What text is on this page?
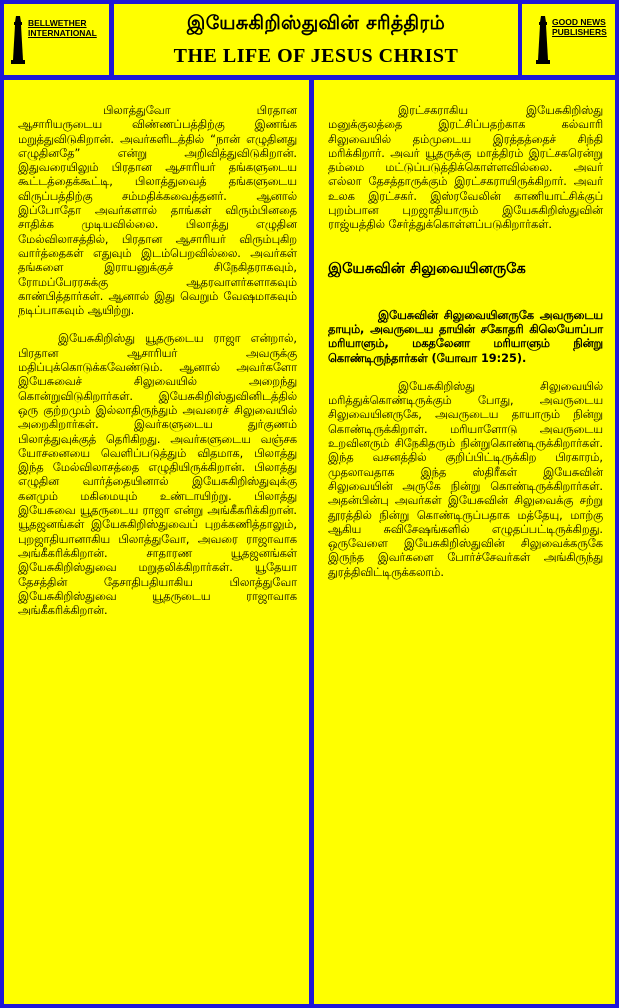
BELLWETHER INTERNATIONAL	இயேசுகிறிஸ்துவின் சரித்திரம்
THE LIFE OF JESUS CHRIST
GOOD NEWS PUBLISHERS

பிலாத்துவோ பிரதான ஆசாரியருடைய விண்ணப்பத்திற்கு இணங்க மறுத்துவிடுகிறான். அவர்களிடத்தில் “நான் எழுதினது எழுதினதே” என்று அறிவித்துவிடுகிறான். இதுவரையிலும் பிரதான ஆசாரியர் தங்களுடைய கூட்டத்தைக்கூட்டி, பிலாத்துவைத் தங்களுடைய விருப்பத்திற்கு சம்மதிக்கவைத்தனர். ஆனால் இப்போதோ அவர்களால் தாங்கள் விரும்பினதை சாதிக்க முடியவில்லை. பிலாத்து எழுதின மேல்விலாசத்தில், பிரதான ஆசாரியர் விரும்புகிற வார்த்தைகள் எதுவும் இடம்பெறவில்லை. அவர்கள் தங்களை இராயனுக்குச் சிநேகிதராகவும், ரோமப்பேரரசுக்கு ஆதரவாளர்களாகவும் காண்பித்தார்கள். ஆனால் இது வெறும் வேஷமாகவும் நடிப்பாகவும் ஆயிற்று.

இயேசுகிறிஸ்து யூதருடைய ராஜா என்றால், பிரதான ஆசாரியர் அவருக்கு மதிப்புக்கொடுக்கவேண்டும். ஆனால் அவர்களோ இயேசுவைச் சிலுவையில் அறைந்து கொன்றுவிடுகிறார்கள். இயேசுகிறிஸ்துவினிடத்தில் ஒரு குற்றமும் இல்லாதிருந்தும் அவரைச் சிலுவையில் அறைகிறார்கள். இவர்களுடைய துர்குணம் பிலாத்துவுக்குத் தெரிகிறது. அவர்களுடைய வஞ்சக யோசனையை வெளிப்படுத்தும் விதமாக, பிலாத்து இந்த மேல்விலாசத்தை எழுதியிருக்கிறான். பிலாத்து எழுதின வார்த்தையினால் இயேசுகிறிஸ்துவுக்கு கனமும் மகிமையும் உண்டாயிற்று. பிலாத்து இயேசுவை யூதருடைய ராஜா என்று அங்கீகரிக்கிறான். யூதஜனங்கள் இயேசுகிறிஸ்துவைப் புறக்கணித்தாலும், புறஜாதியானாகிய பிலாத்துவோ, அவரை ராஜாவாக அங்கீகரிக்கிறான். சாதாரண யூதஜனங்கள் இயேசுகிறிஸ்துவை மறுதலிக்கிறார்கள். யூதேயா தேசத்தின் தேசாதிபதியாகிய பிலாத்துவோ இயேசுகிறிஸ்துவை யூதருடைய ராஜாவாக அங்கீகரிக்கிறான்.

இரட்சகராகிய இயேசுகிறிஸ்து மனுக்குலத்தை இரட்சிப்பதற்காக கல்வாரி சிலுவையில் தம்முடைய இரத்தத்தைச் சிந்தி மரிக்கிறார். அவர் யூதருக்கு மாத்திரம் இரட்சகரென்று தம்மை மட்டுப்படுத்திக்கொள்ளவில்லை. அவர் எல்லா தேசத்தாருக்கும் இரட்சகராயிருக்கிறார். அவர் உலக இரட்சகர். இஸ்ரவேலின் காணியாட்சிக்குப் புறம்பான புறஜாதியாரும் இயேசுகிறிஸ்துவின் ராஜ்யத்தில் சேர்த்துக்கொள்ளப்படுகிறார்கள்.

இயேசுவின் சிலுவையினருகே

இயேசுவின் சிலுவையினருகே அவருடைய தாயும், அவருடைய தாயின் சகோதரி கிலெயோப்பா மரியாளும், மகதலேனா மரியாளும் நின்று கொண்டிருந்தார்கள் (யோவா 19:25).

இயேசுகிறிஸ்து சிலுவையில் மரித்துக்கொண்டிருக்கும் போது, அவருடைய சிலுவையினருகே, அவருடைய தாயாரும் நின்று கொண்டிருக்கிறாள். மரியாளோடு அவருடைய உறவினரும் சிநேகிதரும் நின்றுகொண்டிருக்கிறார்கள். இந்த வசனத்தில் குறிப்பிட்டிருக்கிற பிரகாரம், முதலாவதாக இந்த ஸ்திரீகள் இயேசுவின் சிலுவையின் அருகே நின்று கொண்டிருக்கிறார்கள். அதன்பின்பு அவர்கள் இயேசுவின் சிலுவைக்கு சற்று தூரத்தில் நின்று கொண்டிருப்பதாக மத்தேயு, மாற்கு ஆகிய சுவிசேஷங்களில் எழுதப்பட்டிருக்கிறது. ஒருவேளை இயேசுகிறிஸ்துவின் சிலுவைக்கருகே இருந்த இவர்களை போர்ச்சேவர்கள் அங்கிருந்து துரத்திவிட்டிருக்கலாம்.
